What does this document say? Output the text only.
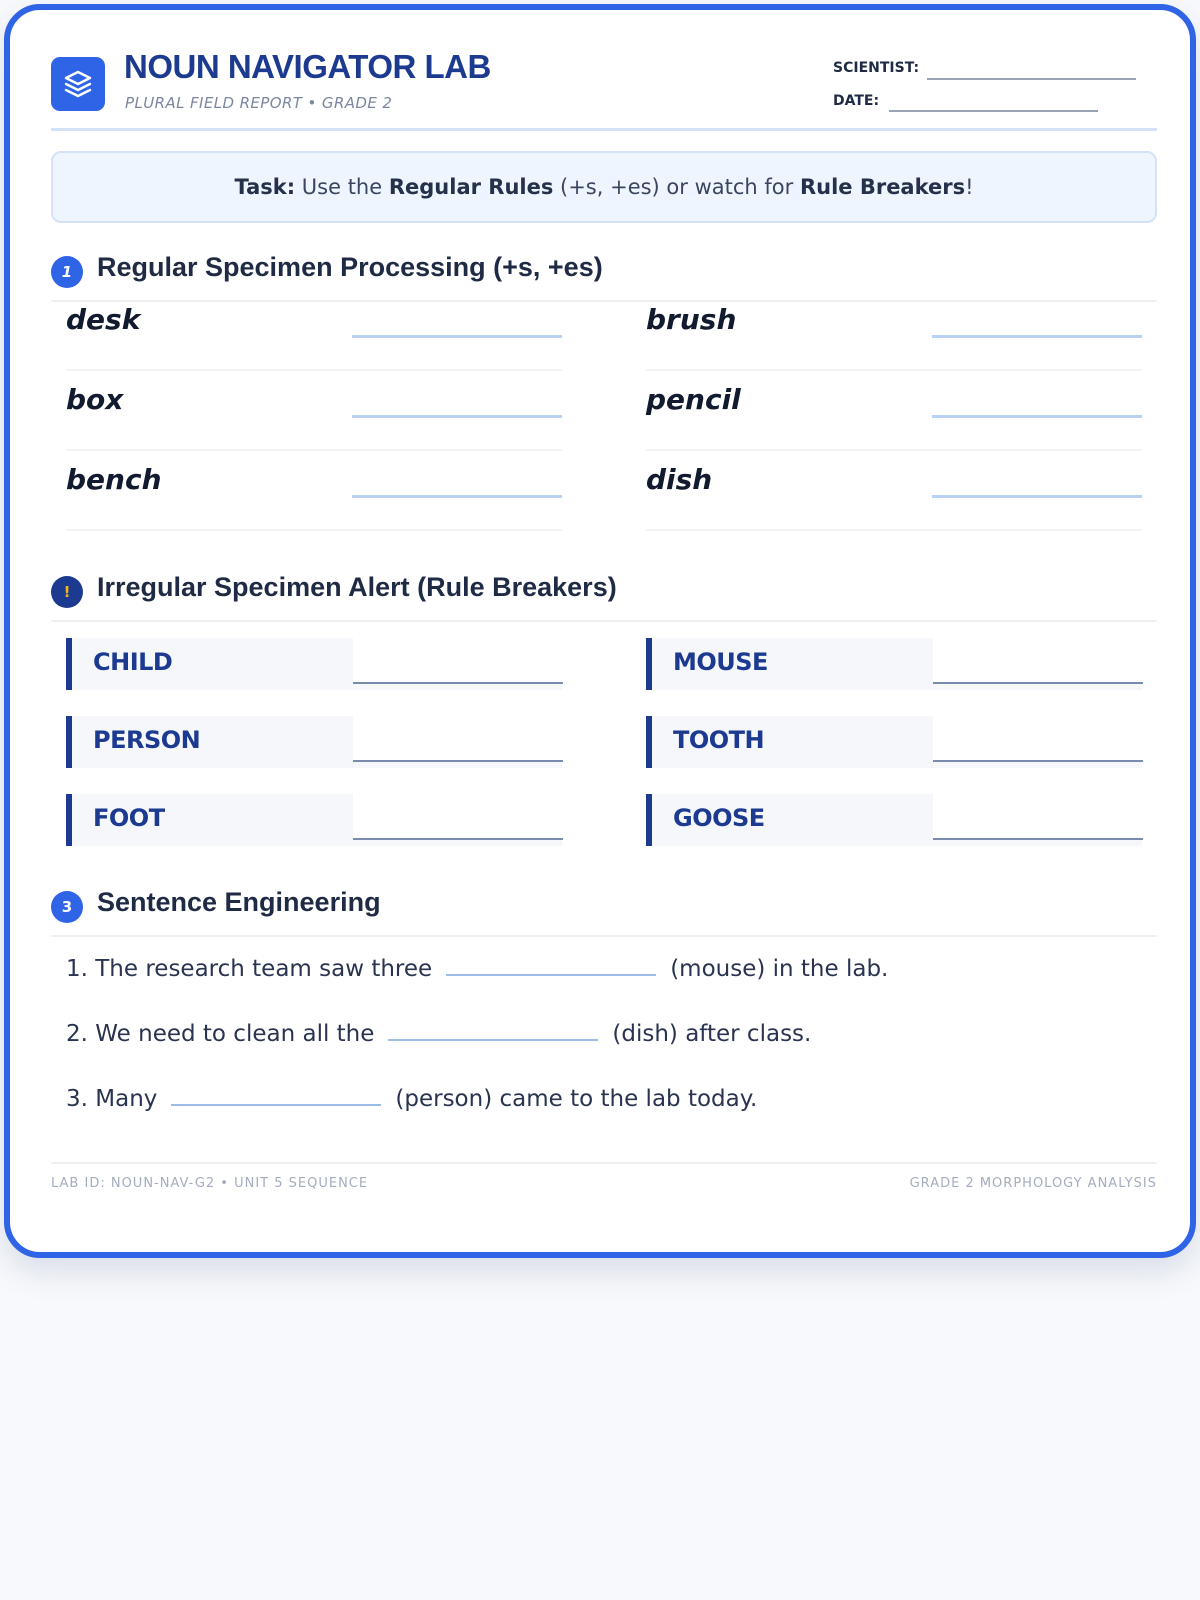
NOUN NAVIGATOR LAB
PLURAL FIELD REPORT • GRADE 2
SCIENTIST:
DATE:
Task: Use the Regular Rules (+s, +es) or watch for Rule Breakers !
1 Regular Specimen Processing (+s, +es)
desk	brush
box	pencil
bench	dish
! Irregular Specimen Alert (Rule Breakers)
CHILD	MOUSE
PERSON	TOOTH
FOOT	GOOSE
3 Sentence Engineering
1. The research team saw three	(mouse) in the lab.
2. We need to clean all the	(dish) after class.
3. Many	(person) came to the lab today.
LAB ID: NOUN-NAV-G2 • UNIT 5 SEQUENCE	GRADE 2 MORPHOLOGY ANALYSIS
